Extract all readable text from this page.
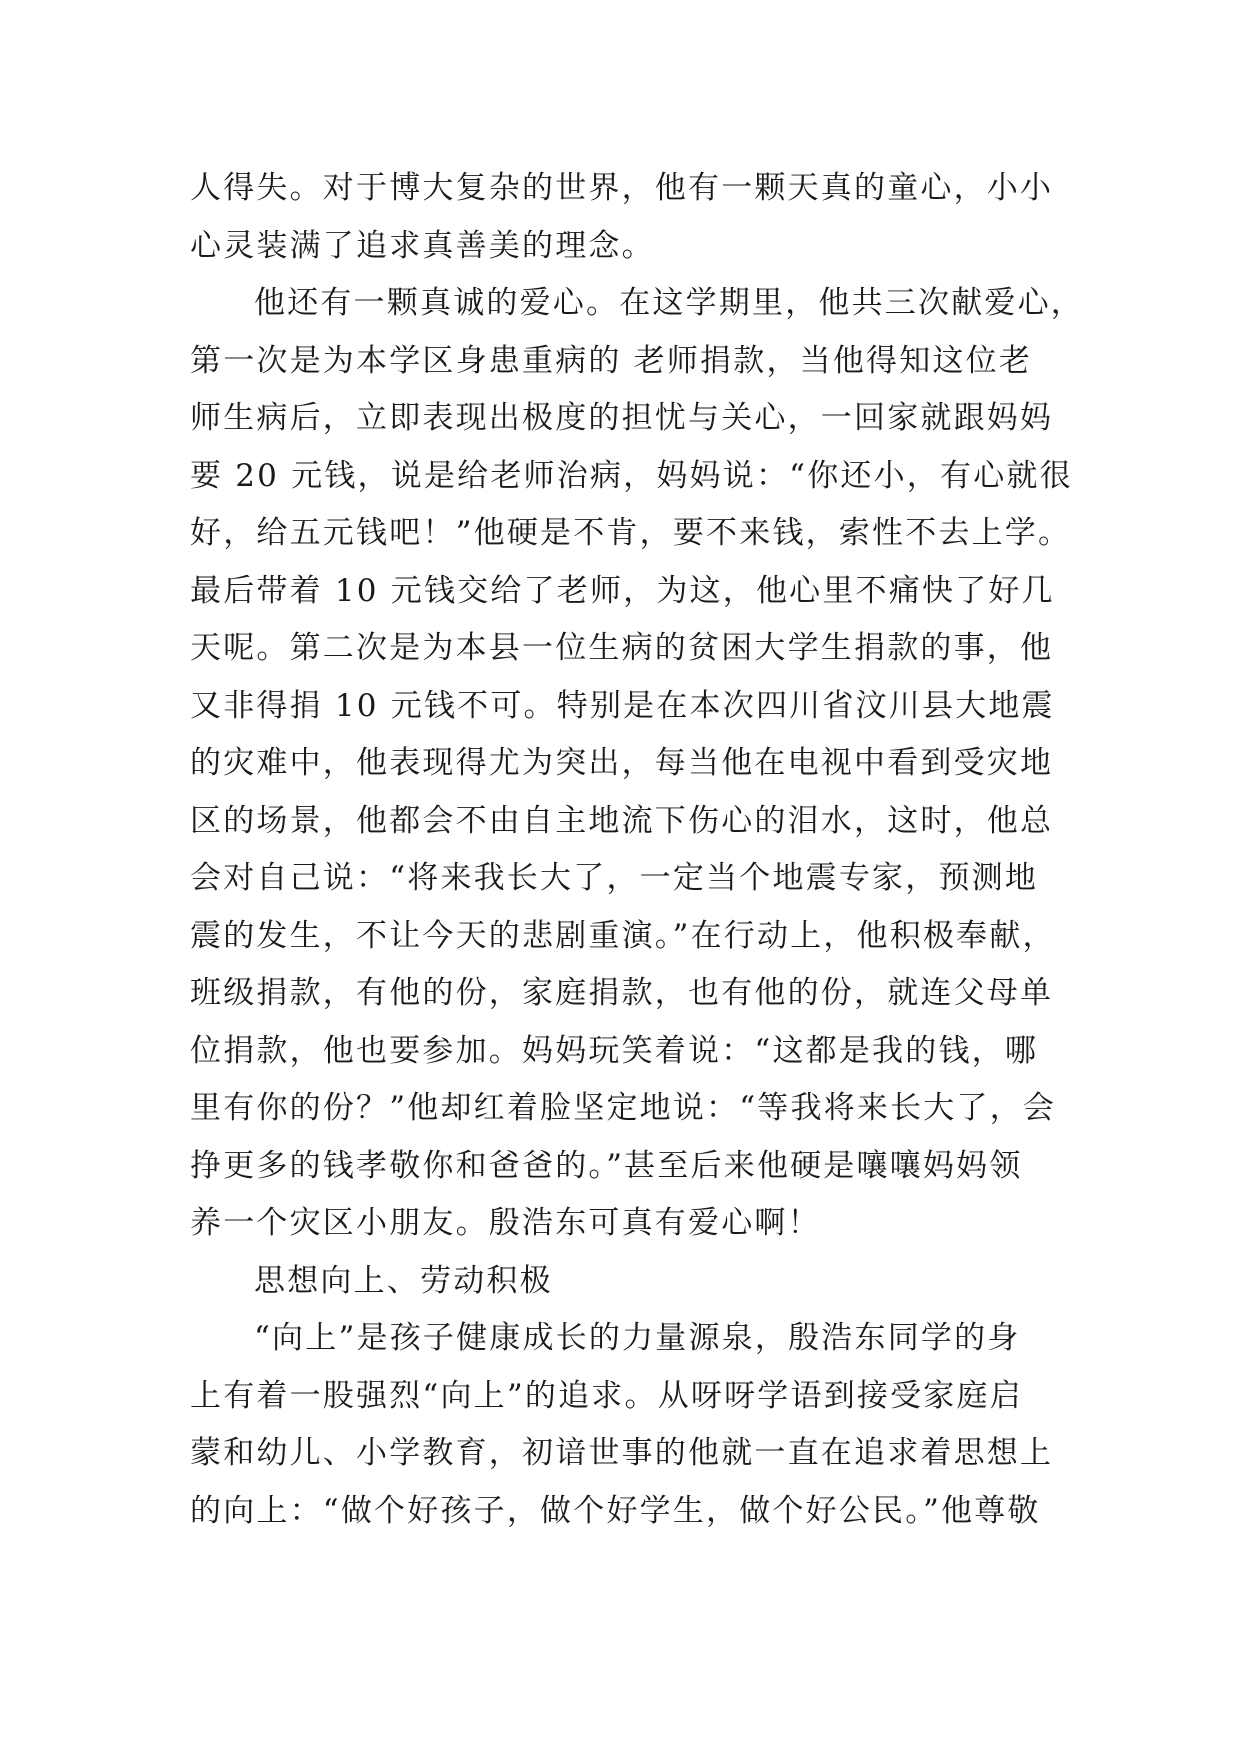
人得失。对于博大复杂的世界，他有一颗天真的童心，小小
心灵装满了追求真善美的理念。
他还有一颗真诚的爱心。在这学期里，他共三次献爱心，
第一次是为本学区身患重病的 老师捐款，当他得知这位老
师生病后，立即表现出极度的担忧与关心，一回家就跟妈妈
要 20 元钱，说是给老师治病，妈妈说：“你还小，有心就很
好，给五元钱吧！”他硬是不肯，要不来钱，索性不去上学。
最后带着 10 元钱交给了老师，为这，他心里不痛快了好几
天呢。第二次是为本县一位生病的贫困大学生捐款的事，他
又非得捐 10 元钱不可。特别是在本次四川省汶川县大地震
的灾难中，他表现得尤为突出，每当他在电视中看到受灾地
区的场景，他都会不由自主地流下伤心的泪水，这时，他总
会对自己说：“将来我长大了，一定当个地震专家，预测地
震的发生，不让今天的悲剧重演。”在行动上，他积极奉献，
班级捐款，有他的份，家庭捐款，也有他的份，就连父母单
位捐款，他也要参加。妈妈玩笑着说：“这都是我的钱，哪
里有你的份？”他却红着脸坚定地说：“等我将来长大了，会
挣更多的钱孝敬你和爸爸的。”甚至后来他硬是嚷嚷妈妈领
养一个灾区小朋友。殷浩东可真有爱心啊！
思想向上、劳动积极
“向上”是孩子健康成长的力量源泉，殷浩东同学的身
上有着一股强烈“向上”的追求。从呀呀学语到接受家庭启
蒙和幼儿、小学教育，初谙世事的他就一直在追求着思想上
的向上：“做个好孩子，做个好学生，做个好公民。”他尊敬
